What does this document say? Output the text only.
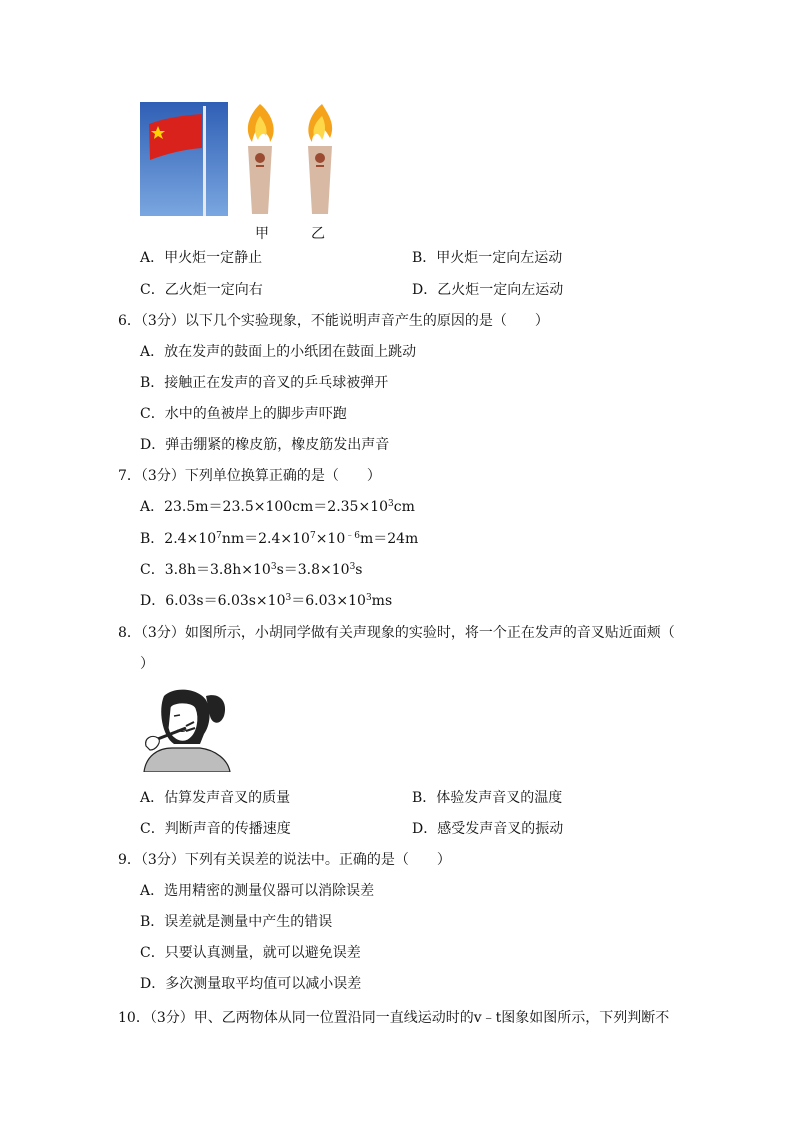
甲	乙
A．甲火炬一定静止	B．甲火炬一定向左运动
C．乙火炬一定向右	D．乙火炬一定向左运动
6．（3分）以下几个实验现象，不能说明声音产生的原因的是（　　）
A．放在发声的鼓面上的小纸团在鼓面上跳动
B．接触正在发声的音叉的乒乓球被弹开
C．水中的鱼被岸上的脚步声吓跑
D．弹击绷紧的橡皮筋，橡皮筋发出声音
7．（3分）下列单位换算正确的是（　　）
A．$23.5m=23.5\times 100cm=2.35\times 10^3cm$
B．$2.4\times 10^7nm=2.4\times 10^7\times 10^{﹣6}m=24m$
C．$3.8h=3.8h\times 10^3s=3.8\times 10^3s$
D．$6.03s=6.03s\times 10^3=6.03\times 10^3ms$
8．（3分）如图所示，小胡同学做有关声现象的实验时，将一个正在发声的音叉贴近面颊（
）
A．估算发声音叉的质量	B．体验发声音叉的温度
C．判断声音的传播速度	D．感受发声音叉的振动
9．（3分）下列有关误差的说法中。正确的是（　　）
A．选用精密的测量仪器可以消除误差
B．误差就是测量中产生的错误
C．只要认真测量，就可以避免误差
D．多次测量取平均值可以减小误差
10．（3分）甲、乙两物体从同一位置沿同一直线运动时的v﹣t图象如图所示，下列判断不
